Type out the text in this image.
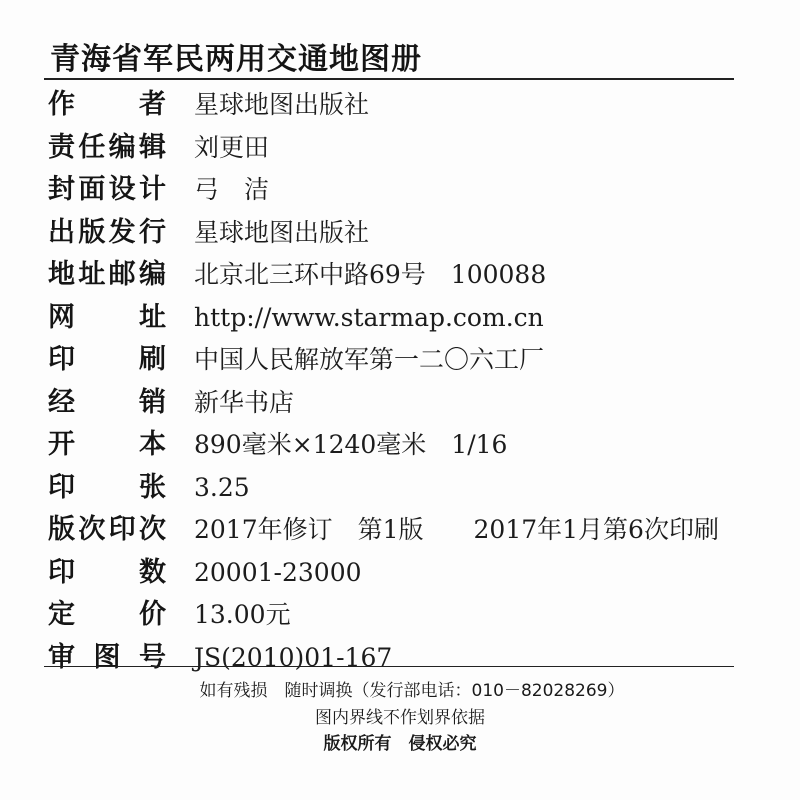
青海省军民两用交通地图册
作者 星球地图出版社
责任编辑 刘更田
封面设计 弓　洁
出版发行 星球地图出版社
地址邮编 北京北三环中路69号　100088
网址 http://www.starmap.com.cn
印刷 中国人民解放军第一二〇六工厂
经销 新华书店
开本 890毫米×1240毫米　1/16
印张 3.25
版次印次 2017年修订　第1版　　2017年1月第6次印刷
印数 20001-23000
定价 13.00元
审图号 JS(2010)01-167
如有残损　随时调换（发行部电话：010－82028269）
图内界线不作划界依据
版权所有　侵权必究
